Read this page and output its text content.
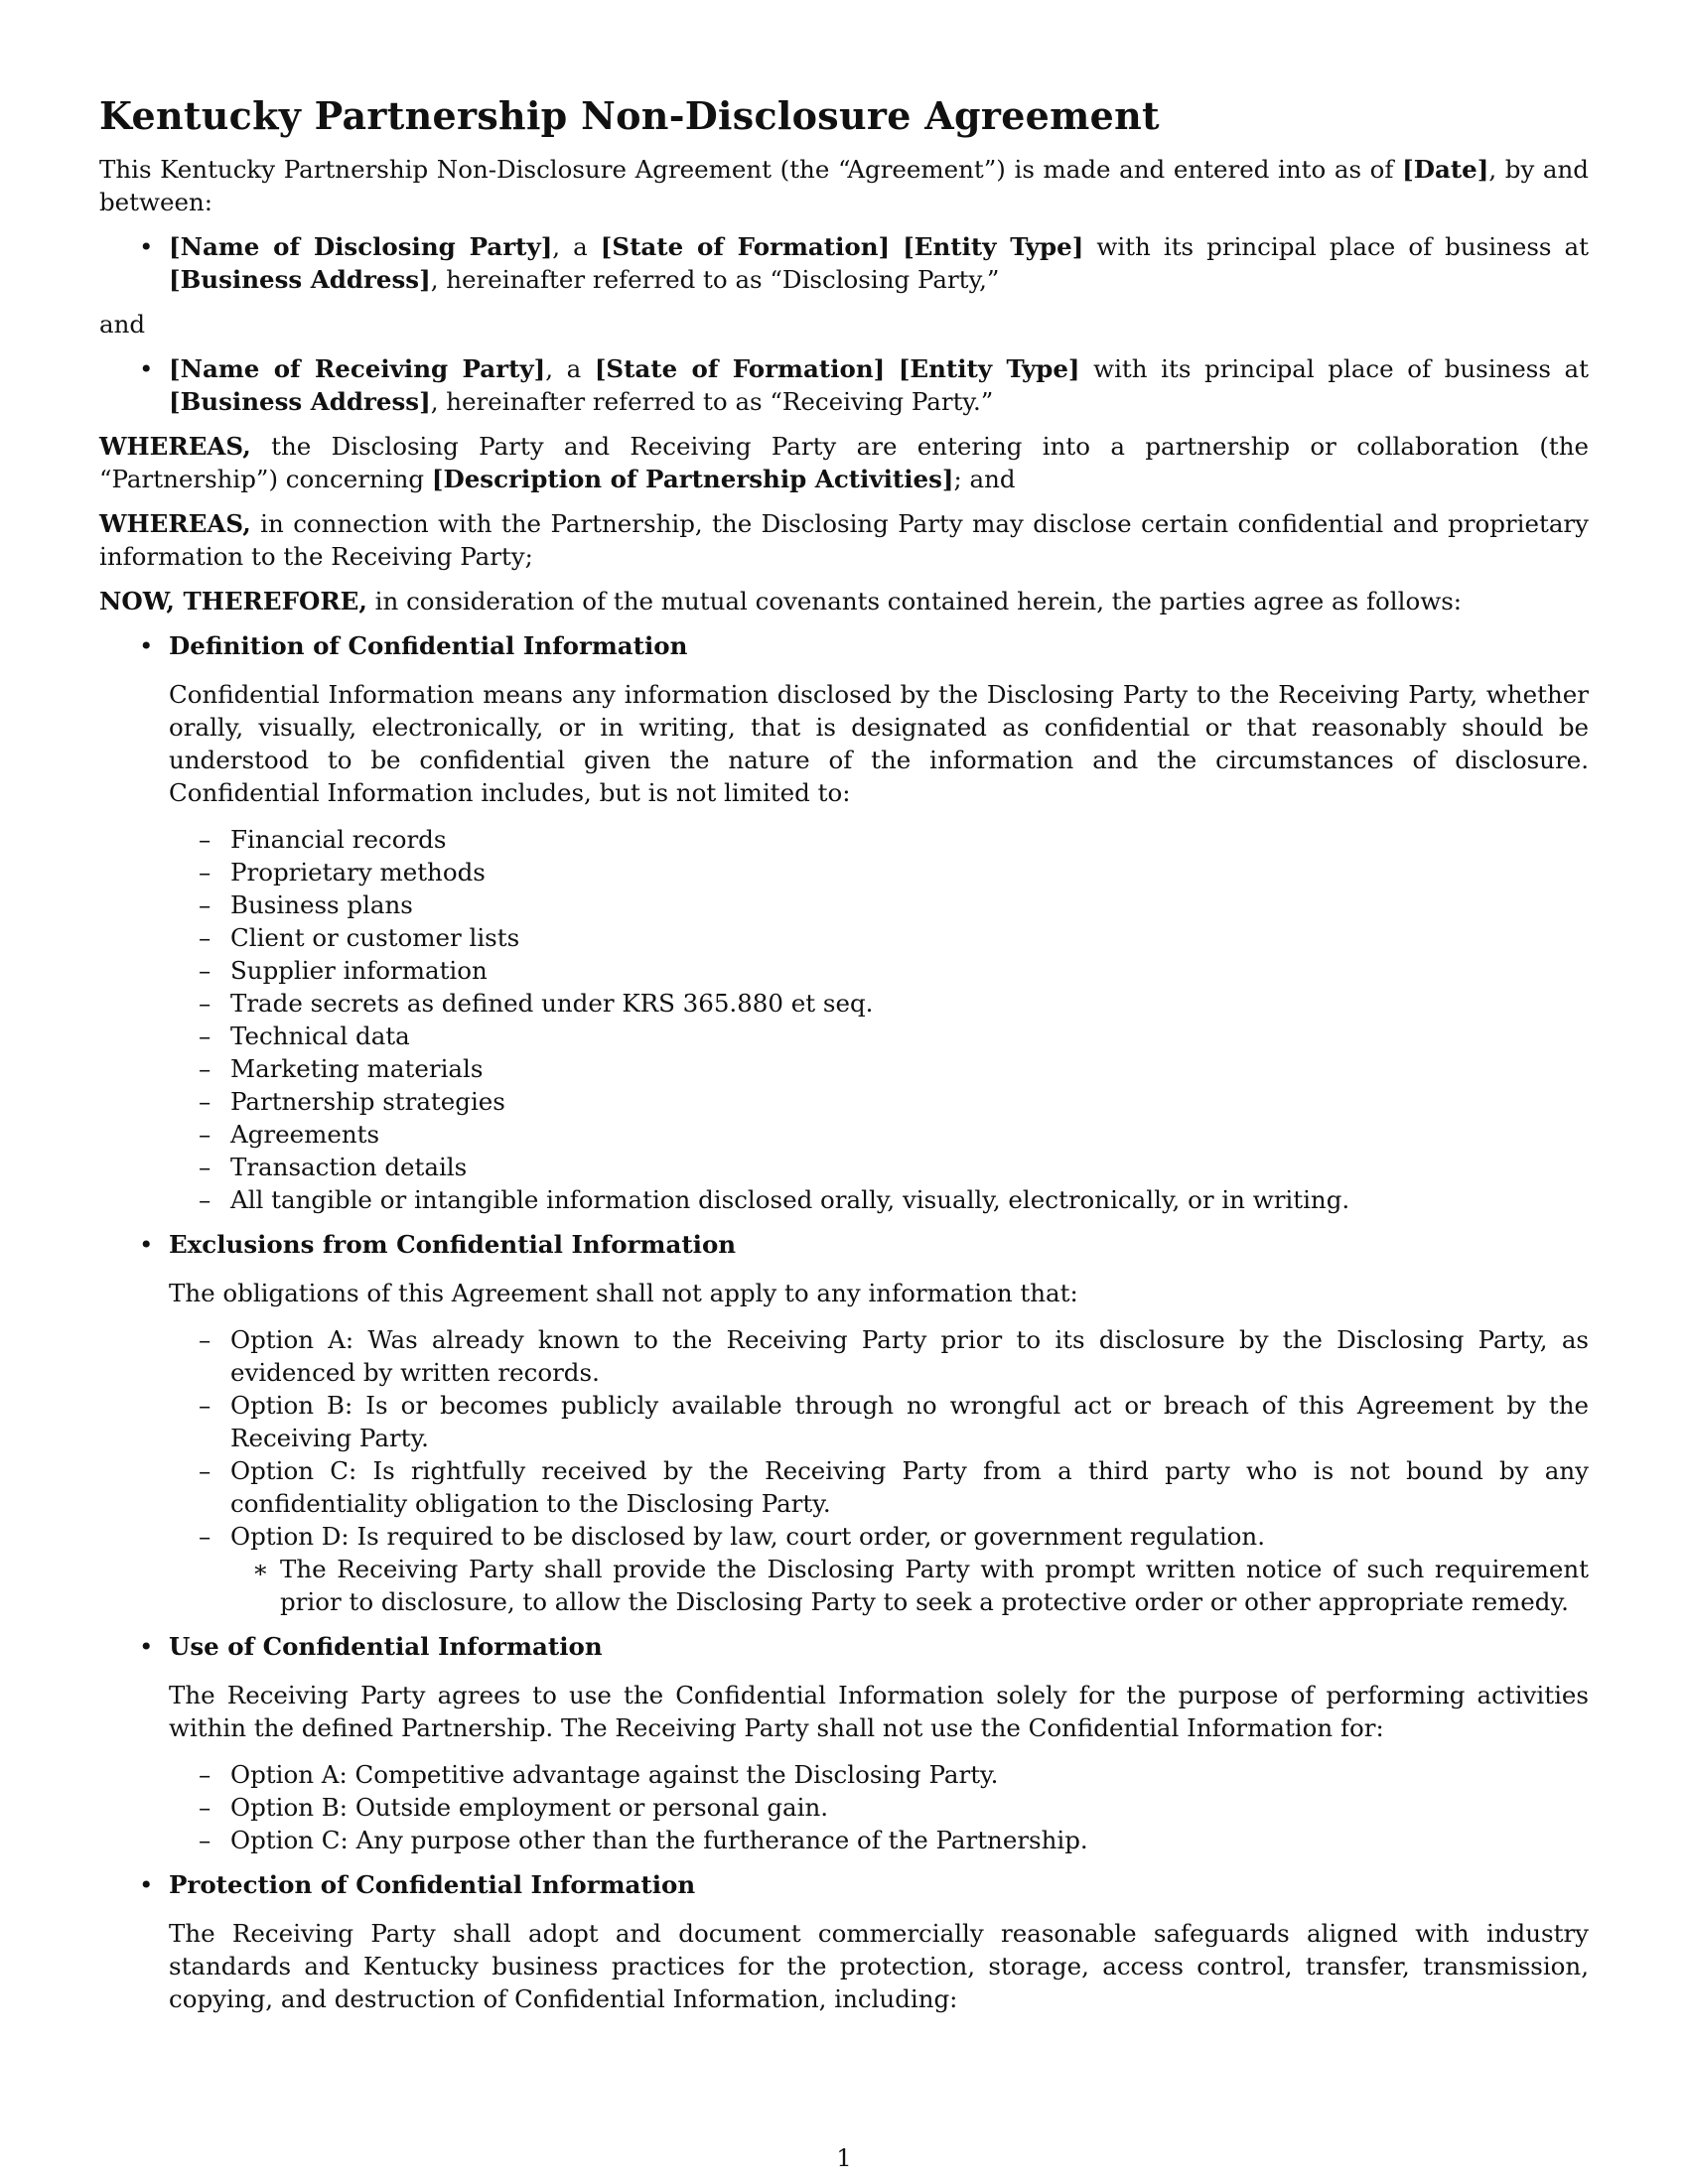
Kentucky Partnership Non-Disclosure Agreement

This Kentucky Partnership Non-Disclosure Agreement (the “Agreement”) is made and entered into as of [Date], by and between:

• [Name of Disclosing Party], a [State of Formation] [Entity Type] with its principal place of business at [Business Address], hereinafter referred to as “Disclosing Party,”
and
• [Name of Receiving Party], a [State of Formation] [Entity Type] with its principal place of business at [Business Address], hereinafter referred to as “Receiving Party.”

WHEREAS, the Disclosing Party and Receiving Party are entering into a partnership or collaboration (the “Partnership”) concerning [Description of Partnership Activities]; and

WHEREAS, in connection with the Partnership, the Disclosing Party may disclose certain confidential and proprietary information to the Receiving Party;

NOW, THEREFORE, in consideration of the mutual covenants contained herein, the parties agree as follows:

• Definition of Confidential Information
Confidential Information means any information disclosed by the Disclosing Party to the Receiving Party, whether orally, visually, electronically, or in writing, that is designated as confidential or that reasonably should be understood to be confidential given the nature of the information and the circumstances of disclosure. Confidential Information includes, but is not limited to:
– Financial records
– Proprietary methods
– Business plans
– Client or customer lists
– Supplier information
– Trade secrets as defined under KRS 365.880 et seq.
– Technical data
– Marketing materials
– Partnership strategies
– Agreements
– Transaction details
– All tangible or intangible information disclosed orally, visually, electronically, or in writing.
• Exclusions from Confidential Information
The obligations of this Agreement shall not apply to any information that:
– Option A: Was already known to the Receiving Party prior to its disclosure by the Disclosing Party, as evidenced by written records.
– Option B: Is or becomes publicly available through no wrongful act or breach of this Agreement by the Receiving Party.
– Option C: Is rightfully received by the Receiving Party from a third party who is not bound by any confidentiality obligation to the Disclosing Party.
– Option D: Is required to be disclosed by law, court order, or government regulation.
∗ The Receiving Party shall provide the Disclosing Party with prompt written notice of such requirement prior to disclosure, to allow the Disclosing Party to seek a protective order or other appropriate remedy.
• Use of Confidential Information
The Receiving Party agrees to use the Confidential Information solely for the purpose of performing activities within the defined Partnership. The Receiving Party shall not use the Confidential Information for:
– Option A: Competitive advantage against the Disclosing Party.
– Option B: Outside employment or personal gain.
– Option C: Any purpose other than the furtherance of the Partnership.
• Protection of Confidential Information
The Receiving Party shall adopt and document commercially reasonable safeguards aligned with industry standards and Kentucky business practices for the protection, storage, access control, transfer, transmission, copying, and destruction of Confidential Information, including:
1
